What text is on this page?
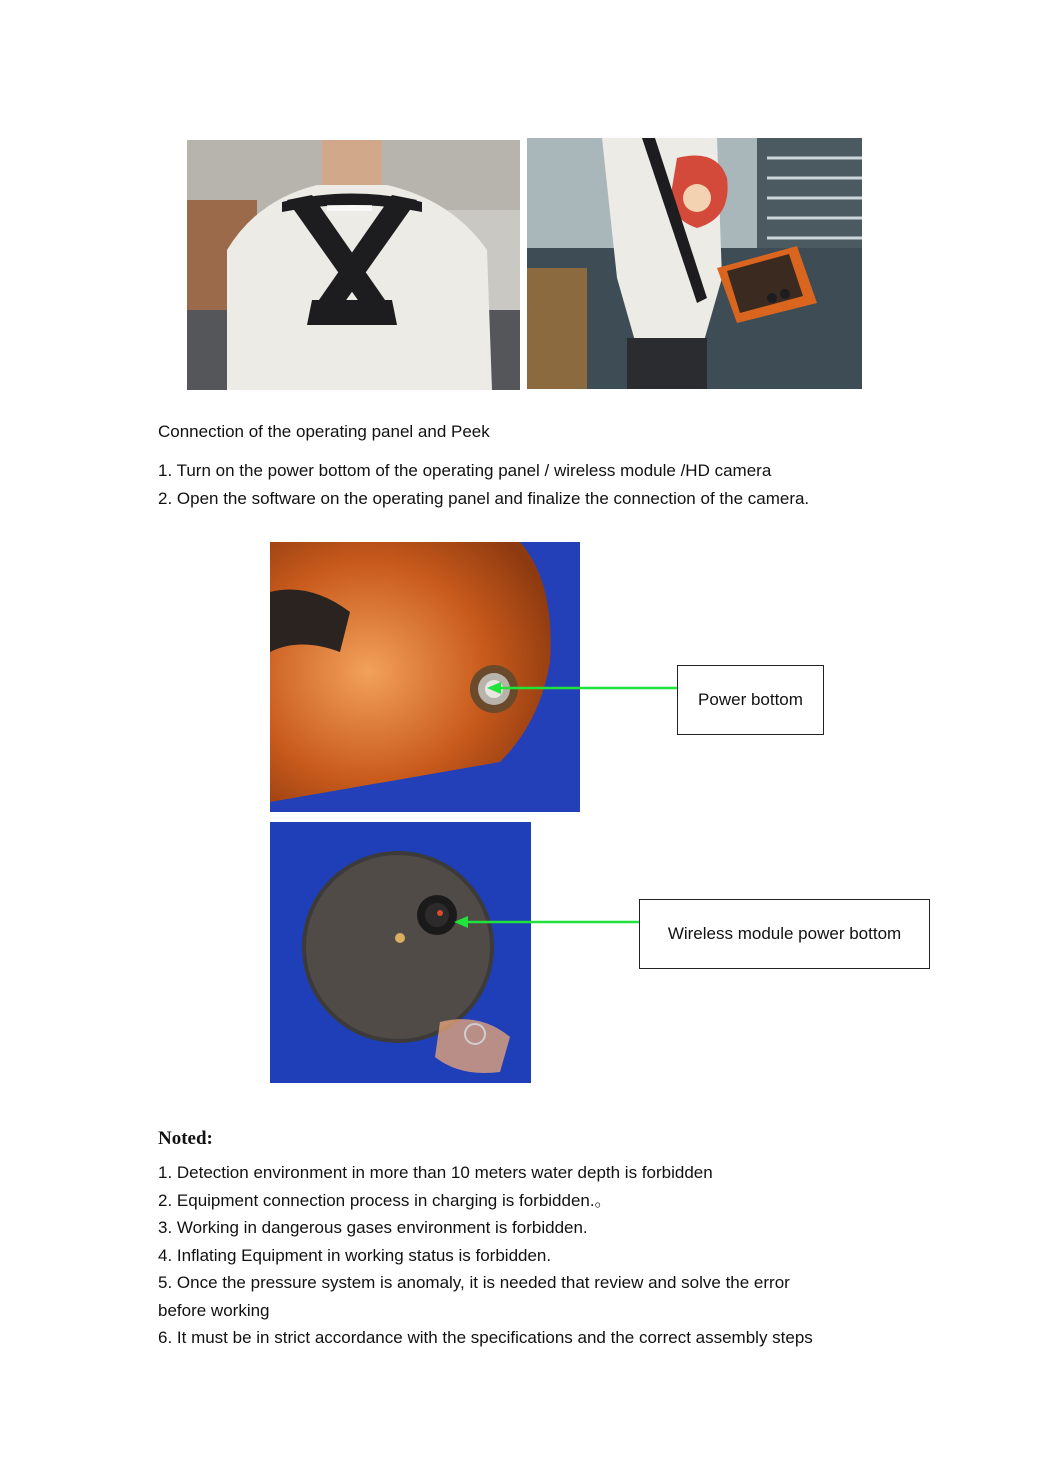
Connection of the operating panel and Peek
1. Turn on the power bottom of the operating panel / wireless module /HD camera
2. Open the software on the operating panel and finalize the connection of the camera.
Power bottom
Wireless module power bottom
Noted:
1. Detection environment in more than 10 meters water depth is forbidden
2. Equipment connection process in charging is forbidden.。
3. Working in dangerous gases environment is forbidden.
4. Inflating Equipment in working status is forbidden.
5. Once the pressure system is anomaly, it is needed that review and solve the error
before working
6. It must be in strict accordance with the specifications and the correct assembly steps
